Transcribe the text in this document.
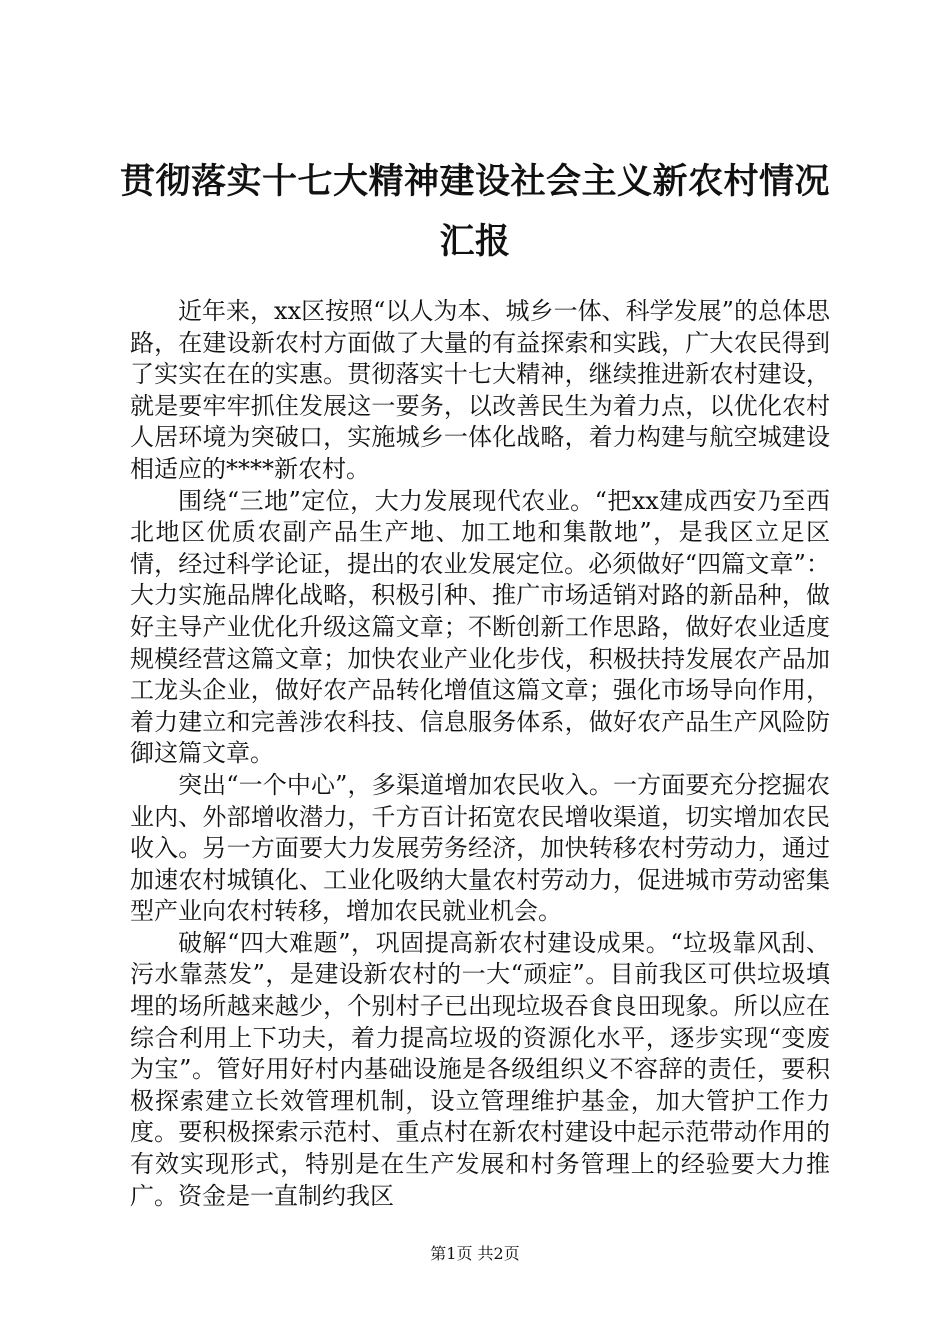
贯彻落实十七大精神建设社会主义新农村情况
汇报

近年来，xx区按照“以人为本、城乡一体、科学发展”的总体思路，在建设新农村方面做了大量的有益探索和实践，广大农民得到了实实在在的实惠。贯彻落实十七大精神，继续推进新农村建设，就是要牢牢抓住发展这一要务，以改善民生为着力点，以优化农村人居环境为突破口，实施城乡一体化战略，着力构建与航空城建设相适应的****新农村。

围绕“三地”定位，大力发展现代农业。“把xx建成西安乃至西北地区优质农副产品生产地、加工地和集散地”，是我区立足区情，经过科学论证，提出的农业发展定位。必须做好“四篇文章”：大力实施品牌化战略，积极引种、推广市场适销对路的新品种，做好主导产业优化升级这篇文章；不断创新工作思路，做好农业适度规模经营这篇文章；加快农业产业化步伐，积极扶持发展农产品加工龙头企业，做好农产品转化增值这篇文章；强化市场导向作用，着力建立和完善涉农科技、信息服务体系，做好农产品生产风险防御这篇文章。

突出“一个中心”，多渠道增加农民收入。一方面要充分挖掘农业内、外部增收潜力，千方百计拓宽农民增收渠道，切实增加农民收入。另一方面要大力发展劳务经济，加快转移农村劳动力，通过加速农村城镇化、工业化吸纳大量农村劳动力，促进城市劳动密集型产业向农村转移，增加农民就业机会。

破解“四大难题”，巩固提高新农村建设成果。“垃圾靠风刮、污水靠蒸发”，是建设新农村的一大“顽症”。目前我区可供垃圾填埋的场所越来越少，个别村子已出现垃圾吞食良田现象。所以应在综合利用上下功夫，着力提高垃圾的资源化水平，逐步实现“变废为宝”。管好用好村内基础设施是各级组织义不容辞的责任，要积极探索建立长效管理机制，设立管理维护基金，加大管护工作力度。要积极探索示范村、重点村在新农村建设中起示范带动作用的有效实现形式，特别是在生产发展和村务管理上的经验要大力推广。资金是一直制约我区

第1页 共2页
